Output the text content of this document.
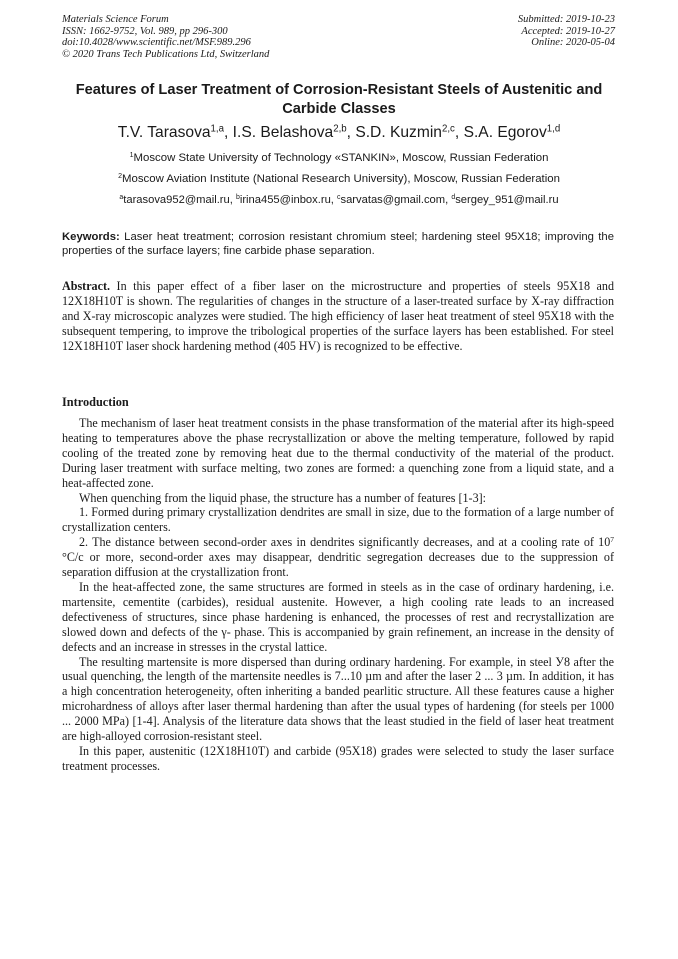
Materials Science Forum
ISSN: 1662-9752, Vol. 989, pp 296-300
doi:10.4028/www.scientific.net/MSF.989.296
© 2020 Trans Tech Publications Ltd, Switzerland
Submitted: 2019-10-23
Accepted: 2019-10-27
Online: 2020-05-04
Features of Laser Treatment of Corrosion-Resistant Steels of Austenitic and Carbide Classes
T.V. Tarasova$^{1,a}$, I.S. Belashova$^{2,b}$, S.D. Kuzmin$^{2,c}$, S.A. Egorov$^{1,d}$
$^1$Moscow State University of Technology «STANKIN», Moscow, Russian Federation
$^2$Moscow Aviation Institute (National Research University), Moscow, Russian Federation
$^a$tarasova952@mail.ru, $^b$irina455@inbox.ru, $^c$sarvatas@gmail.com, $^d$sergey_951@mail.ru
Keywords: Laser heat treatment; corrosion resistant chromium steel; hardening steel 95X18; improving the properties of the surface layers; fine carbide phase separation.
Abstract. In this paper effect of a fiber laser on the microstructure and properties of steels 95X18 and 12X18H10T is shown. The regularities of changes in the structure of a laser-treated surface by X-ray diffraction and X-ray microscopic analyzes were studied. The high efficiency of laser heat treatment of steel 95X18 with the subsequent tempering, to improve the tribological properties of the surface layers has been established. For steel 12X18H10T laser shock hardening method (405 HV) is recognized to be effective.
Introduction

The mechanism of laser heat treatment consists in the phase transformation of the material after its high-speed heating to temperatures above the phase recrystallization or above the melting temperature, followed by rapid cooling of the treated zone by removing heat due to the thermal conductivity of the material of the product. During laser treatment with surface melting, two zones are formed: a quenching zone from a liquid state, and a heat-affected zone.

When quenching from the liquid phase, the structure has a number of features [1-3]:

1. Formed during primary crystallization dendrites are small in size, due to the formation of a large number of crystallization centers.

2. The distance between second-order axes in dendrites significantly decreases, and at a cooling rate of $10^7$ °C/c or more, second-order axes may disappear, dendritic segregation decreases due to the suppression of separation diffusion at the crystallization front.

In the heat-affected zone, the same structures are formed in steels as in the case of ordinary hardening, i.e. martensite, cementite (carbides), residual austenite. However, a high cooling rate leads to an increased defectiveness of structures, since phase hardening is enhanced, the processes of rest and recrystallization are slowed down and defects of the γ- phase. This is accompanied by grain refinement, an increase in the density of defects and an increase in stresses in the crystal lattice.

The resulting martensite is more dispersed than during ordinary hardening. For example, in steel У8 after the usual quenching, the length of the martensite needles is 7...10 µm and after the laser 2 ... 3 µm. In addition, it has a high concentration heterogeneity, often inheriting a banded pearlitic structure. All these features cause a higher microhardness of alloys after laser thermal hardening than after the usual types of hardening (for steels per 1000 ... 2000 MPa) [1-4]. Analysis of the literature data shows that the least studied in the field of laser heat treatment are high-alloyed corrosion-resistant steel.

In this paper, austenitic (12X18H10T) and carbide (95X18) grades were selected to study the laser surface treatment processes.
